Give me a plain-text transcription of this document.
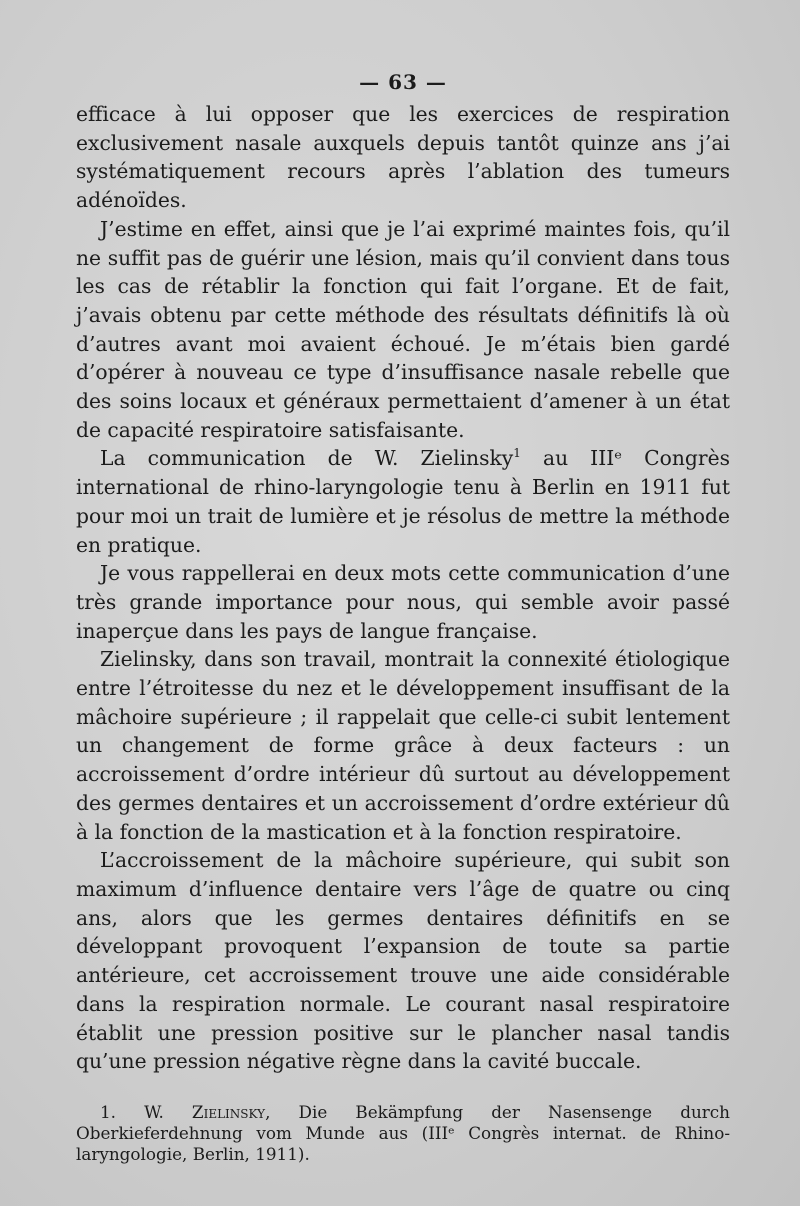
— 63 —

efficace à lui opposer que les exercices de respiration exclusivement nasale auxquels depuis tantôt quinze ans j’ai systématiquement recours après l’ablation des tumeurs adénoïdes.

J’estime en effet, ainsi que je l’ai exprimé maintes fois, qu’il ne suffit pas de guérir une lésion, mais qu’il convient dans tous les cas de rétablir la fonction qui fait l’organe. Et de fait, j’avais obtenu par cette méthode des résultats définitifs là où d’autres avant moi avaient échoué. Je m’étais bien gardé d’opérer à nouveau ce type d’insuffisance nasale rebelle que des soins locaux et généraux permettaient d’amener à un état de capacité respiratoire satisfaisante.

La communication de W. Zielinsky$^1$ au IIIᵉ Congrès international de rhino-laryngologie tenu à Berlin en 1911 fut pour moi un trait de lumière et je résolus de mettre la méthode en pratique.

Je vous rappellerai en deux mots cette communication d’une très grande importance pour nous, qui semble avoir passé inaperçue dans les pays de langue française.

Zielinsky, dans son travail, montrait la connexité étiologique entre l’étroitesse du nez et le développement insuffisant de la mâchoire supérieure ; il rappelait que celle-ci subit lentement un changement de forme grâce à deux facteurs : un accroissement d’ordre intérieur dû surtout au développement des germes dentaires et un accroissement d’ordre extérieur dû à la fonction de la mastication et à la fonction respiratoire.

L’accroissement de la mâchoire supérieure, qui subit son maximum d’influence dentaire vers l’âge de quatre ou cinq ans, alors que les germes dentaires définitifs en se développant provoquent l’expansion de toute sa partie antérieure, cet accroissement trouve une aide considérable dans la respiration normale. Le courant nasal respiratoire établit une pression positive sur le plancher nasal tandis qu’une pression négative règne dans la cavité buccale.

1. W. Zielinsky, Die Bekämpfung der Nasensenge durch Oberkieferdehnung vom Munde aus (IIIᵉ Congrès internat. de Rhino-laryngologie, Berlin, 1911).
